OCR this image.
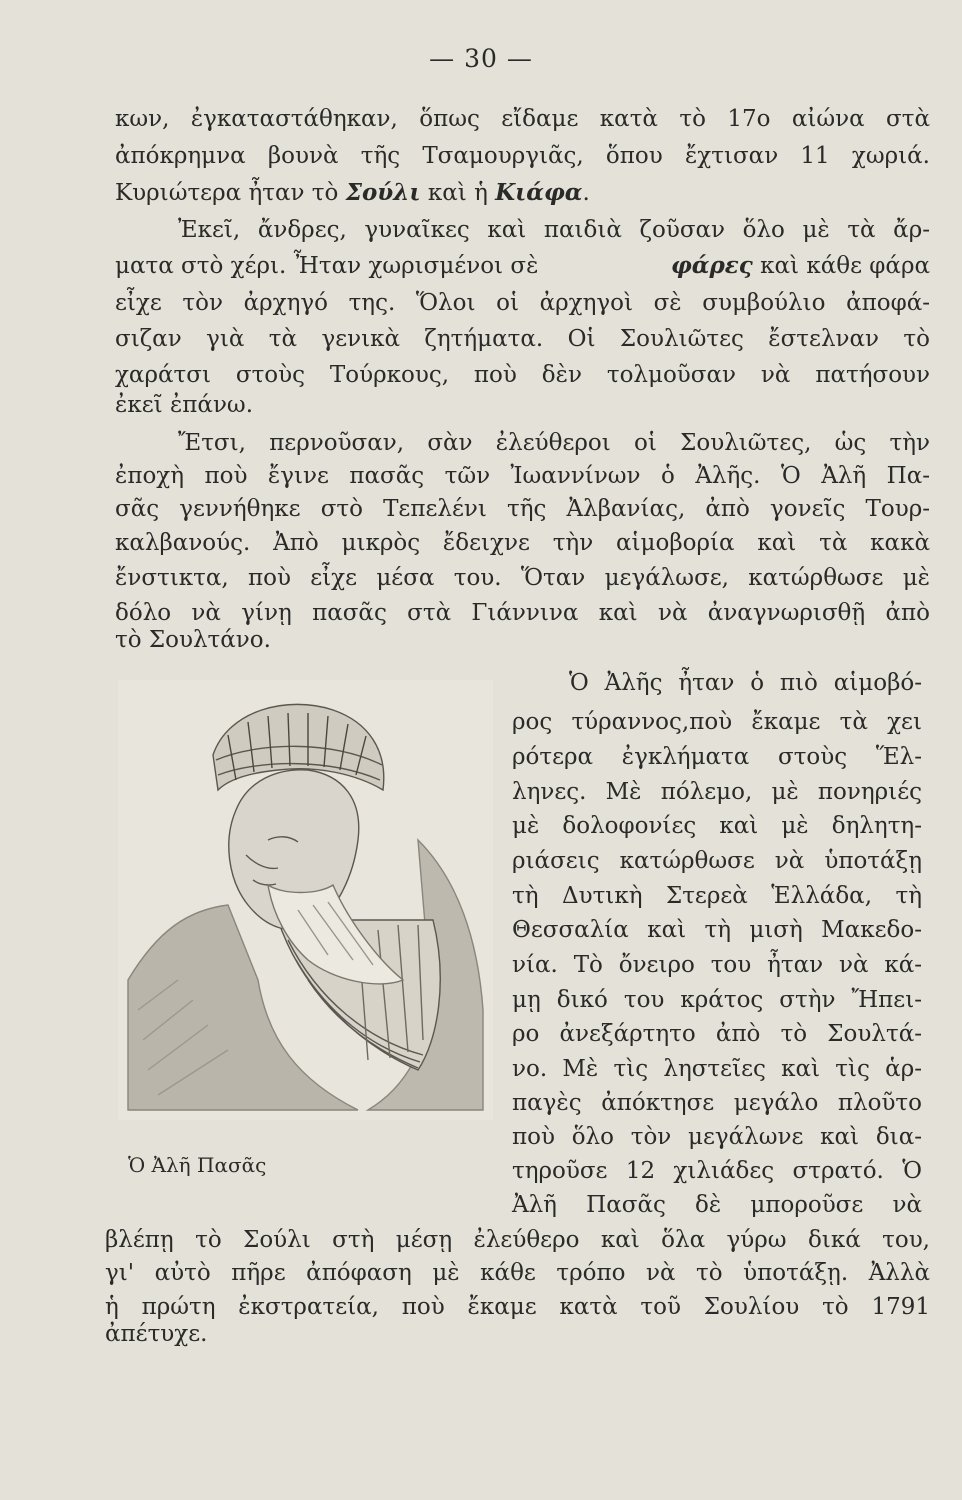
— 30 —
κων, ἐγκαταστάθηκαν, ὅπως εἴδαμε κατὰ τὸ 17ο αἰώνα στὰ
ἀπόκρημνα βουνὰ τῆς Τσαμουργιᾶς, ὅπου ἔχτισαν 11 χωριά.
Κυριώτερα ἦταν τὸ Σούλι καὶ ἡ Κιάφα.
Ἐκεῖ, ἄνδρες, γυναῖκες καὶ παιδιὰ ζοῦσαν ὅλο μὲ τὰ ἄρ-
ματα στὸ χέρι. Ἦταν χωρισμένοι σὲ	φάρες καὶ κάθε φάρα
εἶχε τὸν ἀρχηγό της. Ὅλοι οἱ ἀρχηγοὶ σὲ συμβούλιο ἀποφά-
σιζαν γιὰ τὰ γενικὰ ζητήματα. Οἱ Σουλιῶτες ἔστελναν τὸ
χαράτσι στοὺς Τούρκους, ποὺ δὲν τολμοῦσαν νὰ πατήσουν
ἐκεῖ ἐπάνω.
Ἔτσι, περνοῦσαν, σὰν ἐλεύθεροι οἱ Σουλιῶτες, ὡς τὴν
ἐποχὴ ποὺ ἔγινε πασᾶς τῶν Ἰωαννίνων ὁ Ἀλῆς. Ὁ Ἀλῆ Πα-
σᾶς γεννήθηκε στὸ Τεπελένι τῆς Ἀλβανίας, ἀπὸ γονεῖς Τουρ-
καλβανούς. Ἀπὸ μικρὸς ἔδειχνε τὴν αἱμοβορία καὶ τὰ κακὰ
ἔνστικτα, ποὺ εἶχε μέσα του. Ὅταν μεγάλωσε, κατώρθωσε μὲ
δόλο νὰ γίνῃ πασᾶς στὰ Γιάννινα καὶ νὰ ἀναγνωρισθῇ ἀπὸ
τὸ Σουλτάνο.
Ὁ Ἀλῆς ἦταν ὁ πιὸ αἱμοβό-
ρος τύραννος,ποὺ ἔκαμε τὰ χει
ρότερα ἐγκλήματα στοὺς Ἕλ-
ληνες. Μὲ πόλεμο, μὲ πονηριές
μὲ δολοφονίες καὶ μὲ δηλητη-
ριάσεις κατώρθωσε νὰ ὑποτάξῃ
τὴ Δυτικὴ Στερεὰ Ἑλλάδα, τὴ
Θεσσαλία καὶ τὴ μισὴ Μακεδο-
νία. Τὸ ὄνειρο του ἦταν νὰ κά-
μῃ δικό του κράτος στὴν Ἤπει-
ρο ἀνεξάρτητο ἀπὸ τὸ Σουλτά-
νο. Μὲ τὶς ληστεῖες καὶ τὶς ἁρ-
παγὲς ἀπόκτησε μεγάλο πλοῦτο
ποὺ ὅλο τὸν μεγάλωνε καὶ δια-
τηροῦσε 12 χιλιάδες στρατό. Ὁ
Ἀλῆ Πασᾶς δὲ μποροῦσε νὰ
Ὁ Ἀλῆ Πασᾶς
βλέπῃ τὸ Σούλι στὴ μέσῃ ἐλεύθερο καὶ ὅλα γύρω δικά του,
γι' αὐτὸ πῆρε ἀπόφαση μὲ κάθε τρόπο νὰ τὸ ὑποτάξῃ. Ἀλλὰ
ἡ πρώτη ἐκστρατεία, ποὺ ἔκαμε κατὰ τοῦ Σουλίου τὸ 1791
ἀπέτυχε.
